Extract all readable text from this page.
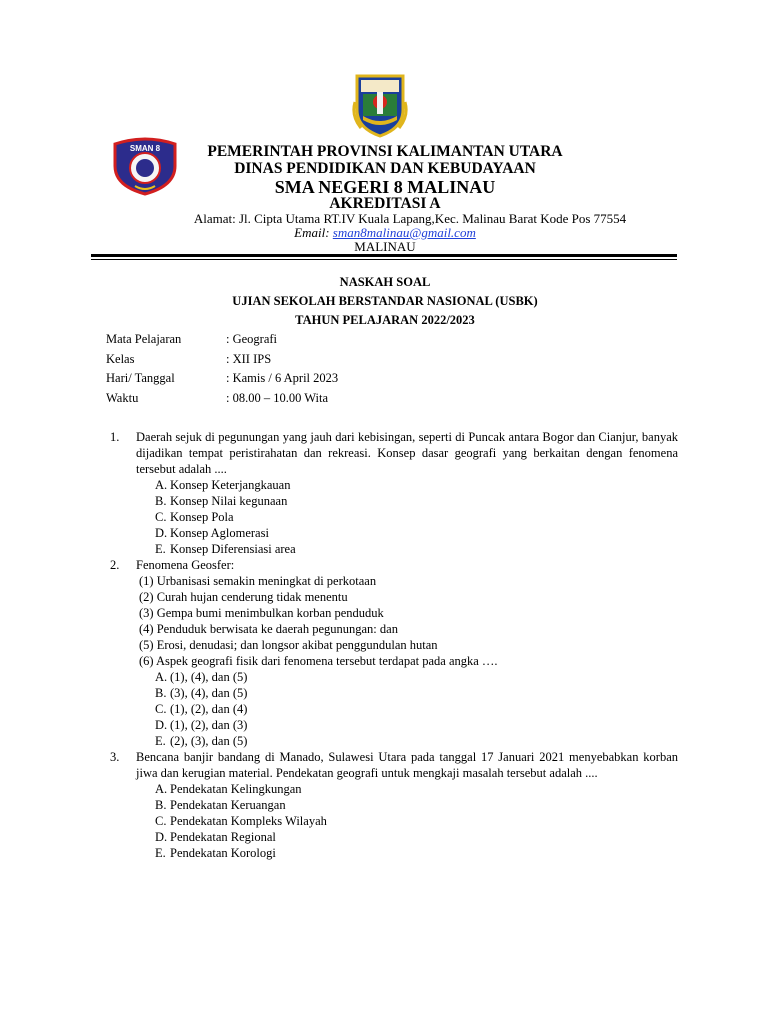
SMAN 8	PEMERINTAH PROVINSI KALIMANTAN UTARA
DINAS PENDIDIKAN DAN KEBUDAYAAN
SMA NEGERI 8 MALINAU
AKREDITASI A
Alamat: Jl. Cipta Utama RT.IV Kuala Lapang,Kec. Malinau Barat Kode Pos 77554
Email: sman8malinau@gmail.com
MALINAU
NASKAH SOAL
UJIAN SEKOLAH BERSTANDAR NASIONAL (USBK)
TAHUN PELAJARAN 2022/2023
Mata Pelajaran	: Geografi
Kelas	: XII IPS
Hari/ Tanggal	: Kamis / 6 April 2023
Waktu	: 08.00 – 10.00 Wita
1.	Daerah sejuk di pegunungan yang jauh dari kebisingan, seperti di Puncak antara Bogor dan Cianjur, banyak dijadikan tempat peristirahatan dan rekreasi. Konsep dasar geografi yang berkaitan dengan fenomena tersebut adalah ....
A. Konsep Keterjangkauan
B. Konsep Nilai kegunaan
C. Konsep Pola
D. Konsep Aglomerasi
E. Konsep Diferensiasi area
2.	Fenomena Geosfer:
(1) Urbanisasi semakin meningkat di perkotaan
(2) Curah hujan cenderung tidak menentu
(3) Gempa bumi menimbulkan korban penduduk
(4) Penduduk berwisata ke daerah pegunungan: dan
(5) Erosi, denudasi; dan longsor akibat penggundulan hutan
(6) Aspek geografi fisik dari fenomena tersebut terdapat pada angka ….
A. (1), (4), dan (5)
B. (3), (4), dan (5)
C. (1), (2), dan (4)
D. (1), (2), dan (3)
E. (2), (3), dan (5)
3.	Bencana banjir bandang di Manado, Sulawesi Utara pada tanggal 17 Januari 2021 menyebabkan korban jiwa dan kerugian material. Pendekatan geografi untuk mengkaji masalah tersebut adalah ....
A. Pendekatan Kelingkungan
B. Pendekatan Keruangan
C. Pendekatan Kompleks Wilayah
D. Pendekatan Regional
E. Pendekatan Korologi
